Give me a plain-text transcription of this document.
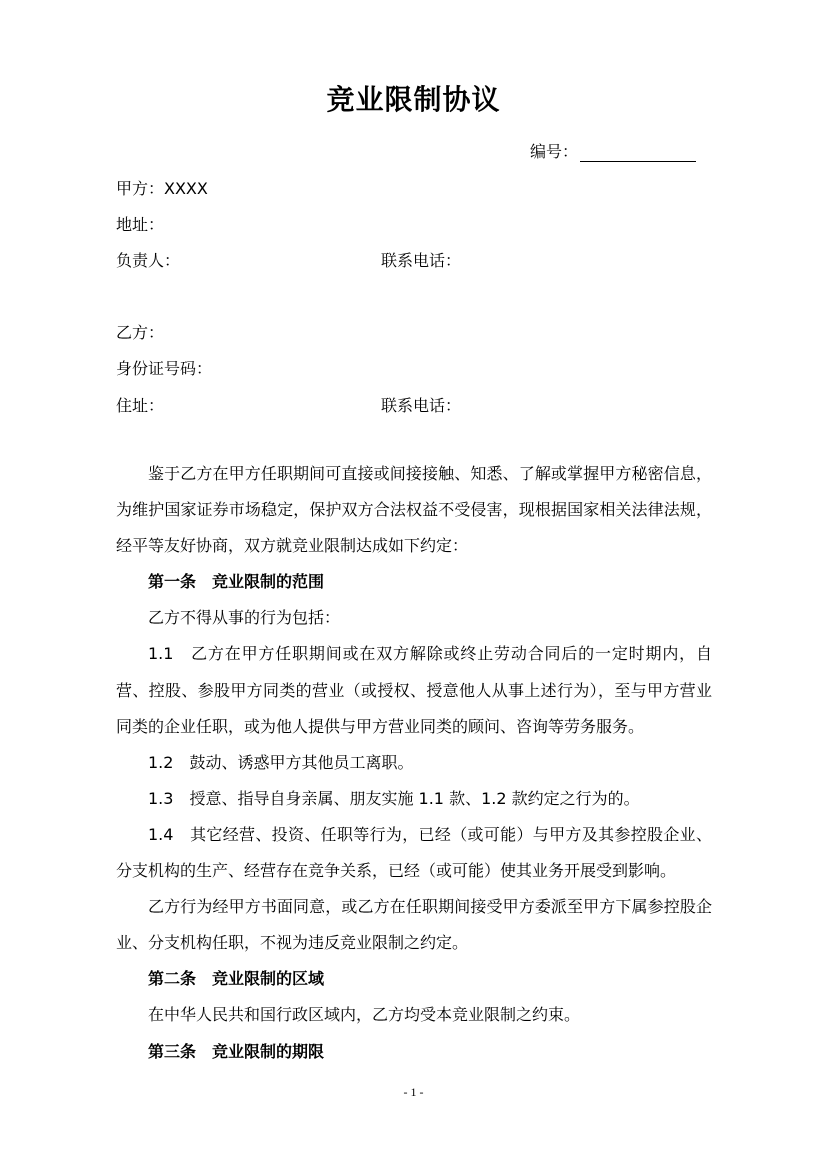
竞业限制协议
编号：
甲方：XXXX
地址：
负责人：	联系电话：
乙方：
身份证号码：
住址：	联系电话：

鉴于乙方在甲方任职期间可直接或间接接触、知悉、了解或掌握甲方秘密信息，为维护国家证券市场稳定，保护双方合法权益不受侵害，现根据国家相关法律法规，经平等友好协商，双方就竞业限制达成如下约定：

第一条　竞业限制的范围

乙方不得从事的行为包括：

1.1　乙方在甲方任职期间或在双方解除或终止劳动合同后的一定时期内，自营、控股、参股甲方同类的营业（或授权、授意他人从事上述行为），至与甲方营业同类的企业任职，或为他人提供与甲方营业同类的顾问、咨询等劳务服务。

1.2　鼓动、诱惑甲方其他员工离职。

1.3　授意、指导自身亲属、朋友实施 1.1 款、1.2 款约定之行为的。

1.4　其它经营、投资、任职等行为，已经（或可能）与甲方及其参控股企业、分支机构的生产、经营存在竞争关系，已经（或可能）使其业务开展受到影响。

乙方行为经甲方书面同意，或乙方在任职期间接受甲方委派至甲方下属参控股企业、分支机构任职，不视为违反竞业限制之约定。

第二条　竞业限制的区域

在中华人民共和国行政区域内，乙方均受本竞业限制之约束。

第三条　竞业限制的期限

- 1 -
